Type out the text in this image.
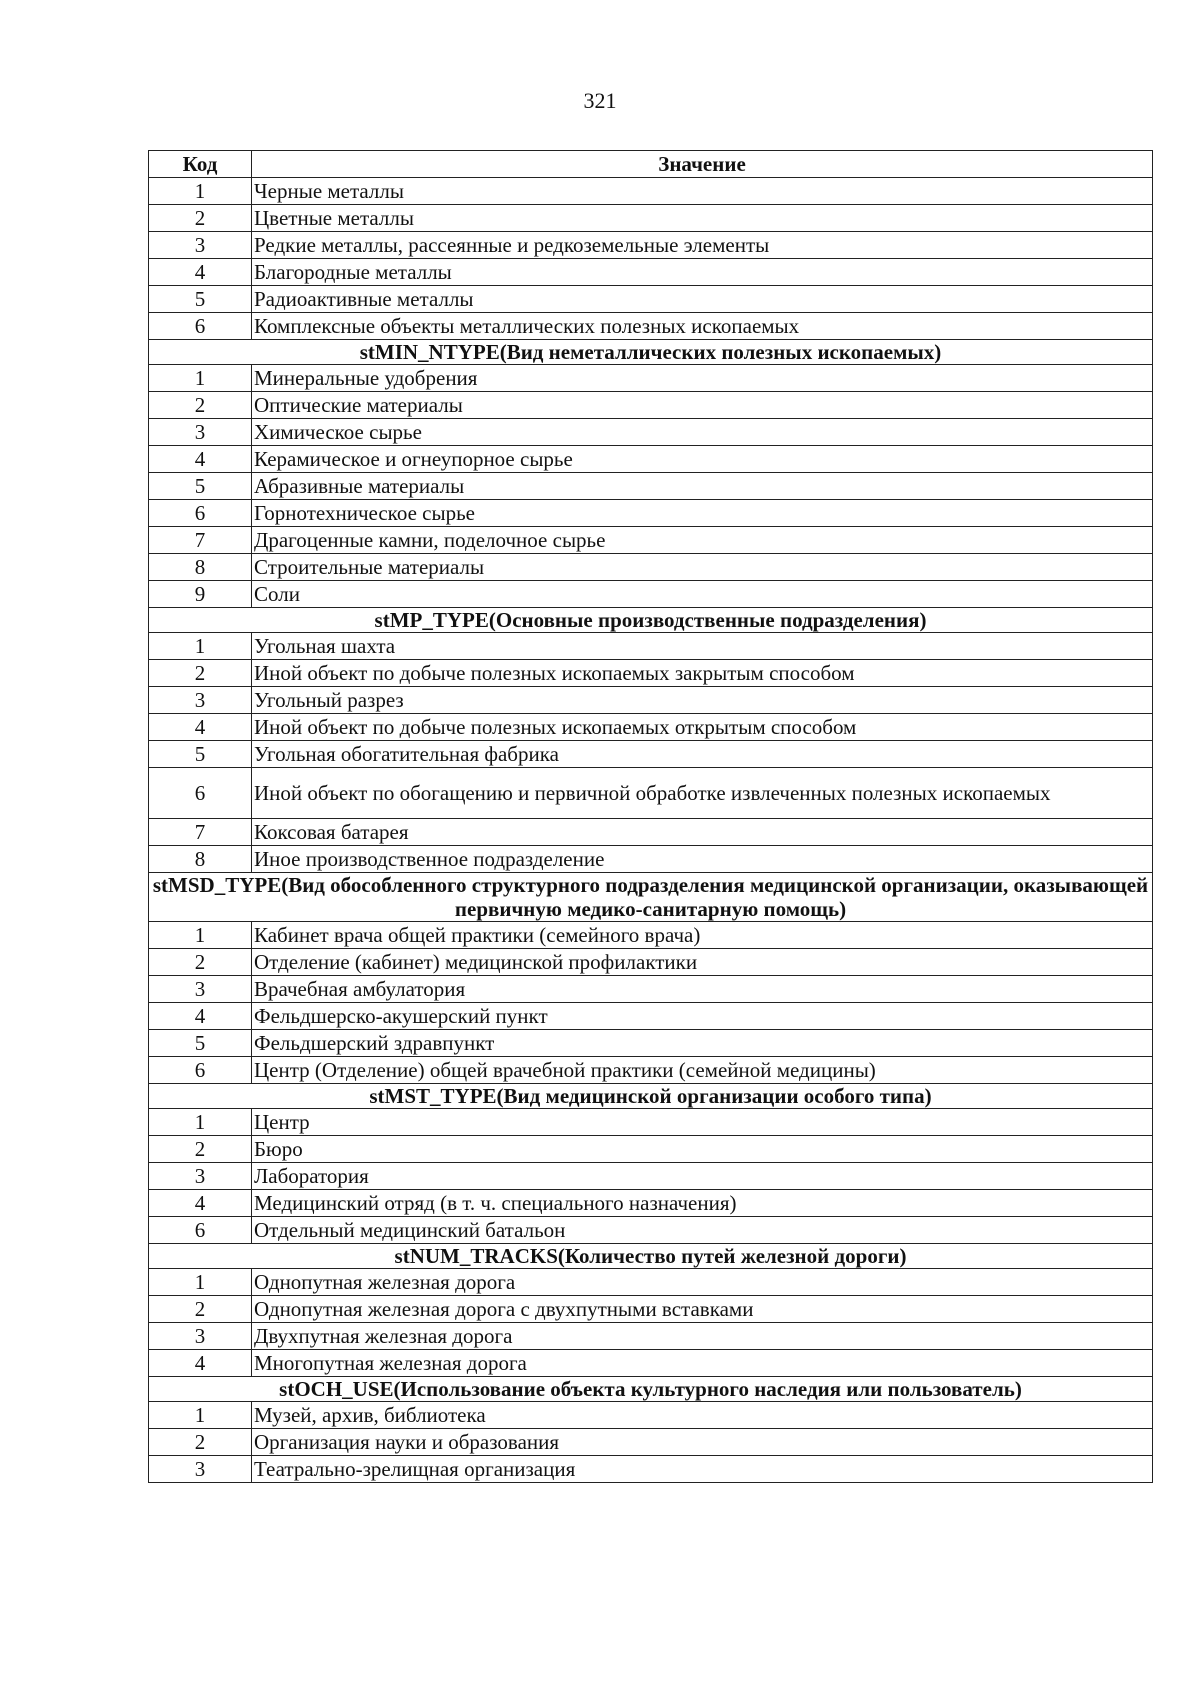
321
Код	Значение
1	Черные металлы
2	Цветные металлы
3	Редкие металлы, рассеянные и редкоземельные элементы
4	Благородные металлы
5	Радиоактивные металлы
6	Комплексные объекты металлических полезных ископаемых
stMIN_NTYPE(Вид неметаллических полезных ископаемых)	
1	Минеральные удобрения
2	Оптические материалы
3	Химическое сырье
4	Керамическое и огнеупорное сырье
5	Абразивные материалы
6	Горнотехническое сырье
7	Драгоценные камни, поделочное сырье
8	Строительные материалы
9	Соли
stMP_TYPE(Основные производственные подразделения)	
1	Угольная шахта
2	Иной объект по добыче полезных ископаемых закрытым способом
3	Угольный разрез
4	Иной объект по добыче полезных ископаемых открытым способом
5	Угольная обогатительная фабрика
6	Иной объект по обогащению и первичной обработке извлеченных полезных ископаемых
7	Коксовая батарея
8	Иное производственное подразделение
stMSD_TYPE(Вид обособленного структурного подразделения медицинской организации, оказывающей первичную медико-санитарную помощь)	
1	Кабинет врача общей практики (семейного врача)
2	Отделение (кабинет) медицинской профилактики
3	Врачебная амбулатория
4	Фельдшерско-акушерский пункт
5	Фельдшерский здравпункт
6	Центр (Отделение) общей врачебной практики (семейной медицины)
stMST_TYPE(Вид медицинской организации особого типа)	
1	Центр
2	Бюро
3	Лаборатория
4	Медицинский отряд (в т. ч. специального назначения)
6	Отдельный медицинский батальон
stNUM_TRACKS(Количество путей железной дороги)	
1	Однопутная железная дорога
2	Однопутная железная дорога с двухпутными вставками
3	Двухпутная железная дорога
4	Многопутная железная дорога
stOCH_USE(Использование объекта культурного наследия или пользователь)	
1	Музей, архив, библиотека
2	Организация науки и образования
3	Театрально-зрелищная организация
